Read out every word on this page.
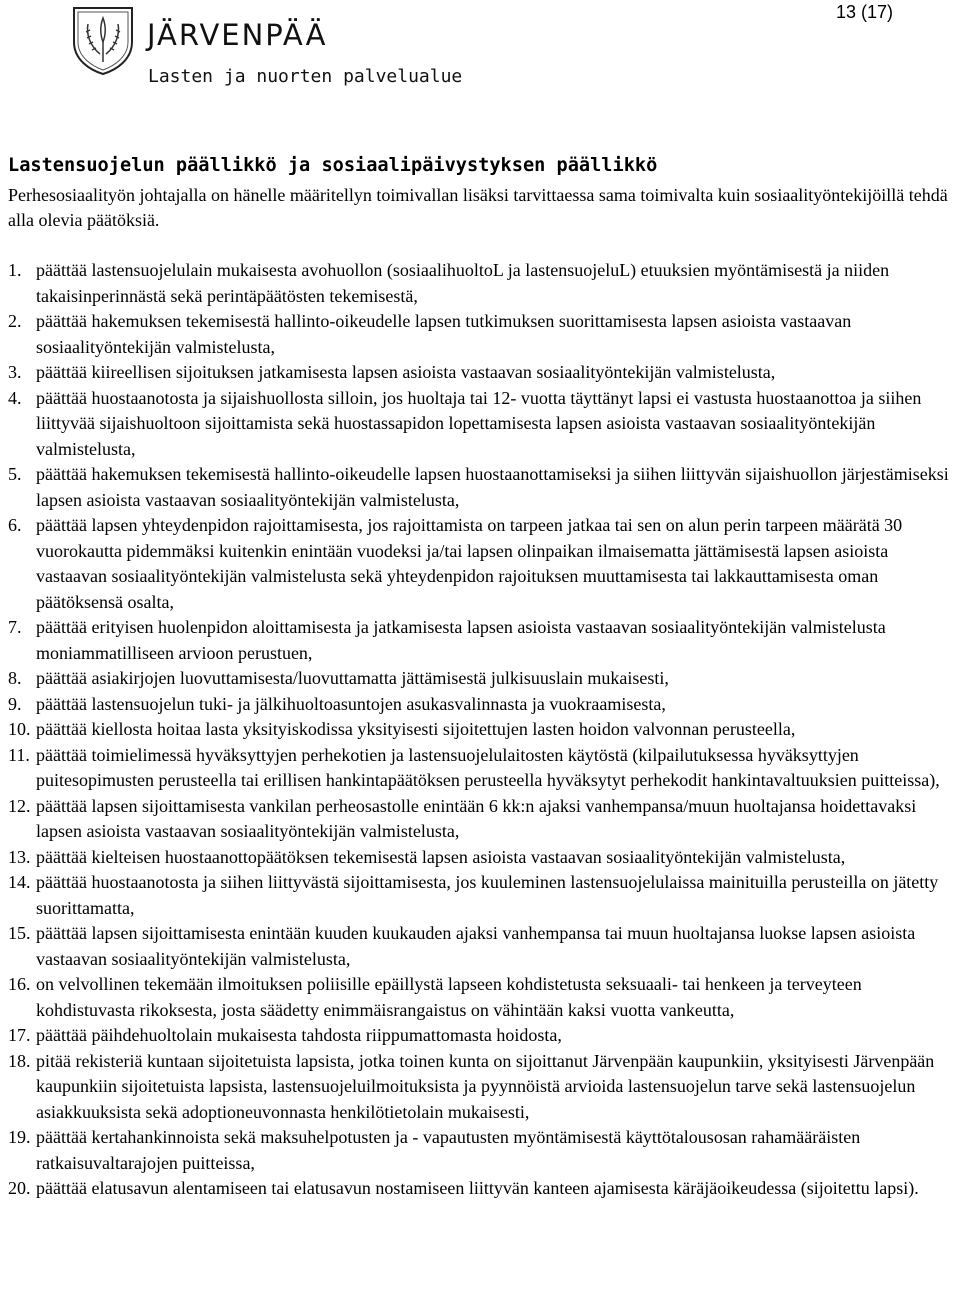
JÄRVENPÄÄ
Lasten ja nuorten palvelualue
13 (17)
Lastensuojelun päällikkö ja sosiaalipäivystyksen päällikkö
Perhesosiaalityön johtajalla on hänelle määritellyn toimivallan lisäksi tarvittaessa sama toimivalta kuin sosiaalityöntekijöillä tehdä alla olevia päätöksiä.
1. päättää lastensuojelulain mukaisesta avohuollon (sosiaalihuoltoL ja lastensuojeluL) etuuksien myöntämisestä ja niiden takaisinperinnästä sekä perintäpäätösten tekemisestä,
2. päättää hakemuksen tekemisestä hallinto-oikeudelle lapsen tutkimuksen suorittamisesta lapsen asioista vastaavan sosiaalityöntekijän valmistelusta,
3. päättää kiireellisen sijoituksen jatkamisesta lapsen asioista vastaavan sosiaalityöntekijän valmistelusta,
4. päättää huostaanotosta ja sijaishuollosta silloin, jos huoltaja tai 12- vuotta täyttänyt lapsi ei vastusta huostaanottoa ja siihen liittyvää sijaishuoltoon sijoittamista sekä huostassapidon lopettamisesta lapsen asioista vastaavan sosiaalityöntekijän valmistelusta,
5. päättää hakemuksen tekemisestä hallinto-oikeudelle lapsen huostaanottamiseksi ja siihen liittyvän sijaishuollon järjestämiseksi lapsen asioista vastaavan sosiaalityöntekijän valmistelusta,
6. päättää lapsen yhteydenpidon rajoittamisesta, jos rajoittamista on tarpeen jatkaa tai sen on alun perin tarpeen määrätä 30 vuorokautta pidemmäksi kuitenkin enintään vuodeksi ja/tai lapsen olinpaikan ilmaisematta jättämisestä lapsen asioista vastaavan sosiaalityöntekijän valmistelusta sekä yhteydenpidon rajoituksen muuttamisesta tai lakkauttamisesta oman päätöksensä osalta,
7. päättää erityisen huolenpidon aloittamisesta ja jatkamisesta lapsen asioista vastaavan sosiaalityöntekijän valmistelusta moniammatilliseen arvioon perustuen,
8. päättää asiakirjojen luovuttamisesta/luovuttamatta jättämisestä julkisuuslain mukaisesti,
9. päättää lastensuojelun tuki- ja jälkihuoltoasuntojen asukasvalinnasta ja vuokraamisesta,
10. päättää kiellosta hoitaa lasta yksityiskodissa yksityisesti sijoitettujen lasten hoidon valvonnan perusteella,
11. päättää toimielimessä hyväksyttyjen perhekotien ja lastensuojelulaitosten käytöstä (kilpailutuksessa hyväksyttyjen puitesopimusten perusteella tai erillisen hankintapäätöksen perusteella hyväksytyt perhekodit hankintavaltuuksien puitteissa),
12. päättää lapsen sijoittamisesta vankilan perheosastolle enintään 6 kk:n ajaksi vanhempansa/muun huoltajansa hoidettavaksi lapsen asioista vastaavan sosiaalityöntekijän valmistelusta,
13. päättää kielteisen huostaanottopäätöksen tekemisestä lapsen asioista vastaavan sosiaalityöntekijän valmistelusta,
14. päättää huostaanotosta ja siihen liittyvästä sijoittamisesta, jos kuuleminen lastensuojelulaissa mainituilla perusteilla on jätetty suorittamatta,
15. päättää lapsen sijoittamisesta enintään kuuden kuukauden ajaksi vanhempansa tai muun huoltajansa luokse lapsen asioista vastaavan sosiaalityöntekijän valmistelusta,
16. on velvollinen tekemään ilmoituksen poliisille epäillystä lapseen kohdistetusta seksuaali- tai henkeen ja terveyteen kohdistuvasta rikoksesta, josta säädetty enimmäisrangaistus on vähintään kaksi vuotta vankeutta,
17. päättää päihdehuoltolain mukaisesta tahdosta riippumattomasta hoidosta,
18. pitää rekisteriä kuntaan sijoitetuista lapsista, jotka toinen kunta on sijoittanut Järvenpään kaupunkiin, yksityisesti Järvenpään kaupunkiin sijoitetuista lapsista, lastensuojeluilmoituksista ja pyynnöistä arvioida lastensuojelun tarve sekä lastensuojelun asiakkuuksista sekä adoptioneuvonnasta henkilötietolain mukaisesti,
19. päättää kertahankinnoista sekä maksuhelpotusten ja - vapautusten myöntämisestä käyttötalousosan rahamääräisten ratkaisuvaltarajojen puitteissa,
20. päättää elatusavun alentamiseen tai elatusavun nostamiseen liittyvän kanteen ajamisesta käräjäoikeudessa (sijoitettu lapsi).
